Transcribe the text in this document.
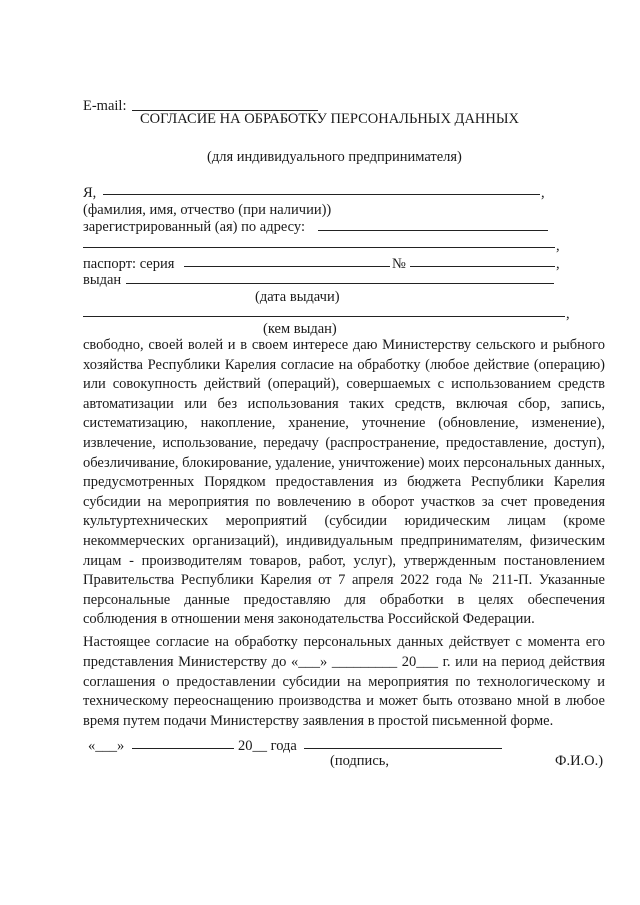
E-mail:
СОГЛАСИЕ НА ОБРАБОТКУ ПЕРСОНАЛЬНЫХ ДАННЫХ
(для индивидуального предпринимателя)
Я,	,
(фамилия, имя, отчество (при наличии))
зарегистрированный (ая) по адресу:
,
паспорт: серия	№	,
выдан
(дата выдачи)
,
(кем выдан)
свободно, своей волей и в своем интересе даю Министерству сельского и рыбного хозяйства Республики Карелия согласие на обработку (любое действие (операцию) или совокупность действий (операций), совершаемых с использованием средств автоматизации или без использования таких средств, включая сбор, запись, систематизацию, накопление, хранение, уточнение (обновление, изменение), извлечение, использование, передачу (распространение, предоставление, доступ), обезличивание, блокирование, удаление, уничтожение) моих персональных данных, предусмотренных Порядком предоставления из бюджета Республики Карелия субсидии на мероприятия по вовлечению в оборот участков за счет проведения культуртехнических мероприятий (субсидии юридическим лицам (кроме некоммерческих организаций), индивидуальным предпринимателям, физическим лицам - производителям товаров, работ, услуг), утвержденным постановлением Правительства Республики Карелия от 7 апреля 2022 года № 211-П. Указанные персональные данные предоставляю для обработки в целях обеспечения соблюдения в отношении меня законодательства Российской Федерации.
Настоящее согласие на обработку персональных данных действует с момента его представления Министерству до «___» _________ 20___ г. или на период действия соглашения о предоставлении субсидии на мероприятия по технологическому и техническому переоснащению производства и может быть отозвано мной в любое время путем подачи Министерству заявления в простой письменной форме.
«___»	20__ года
(подпись,	Ф.И.О.)
